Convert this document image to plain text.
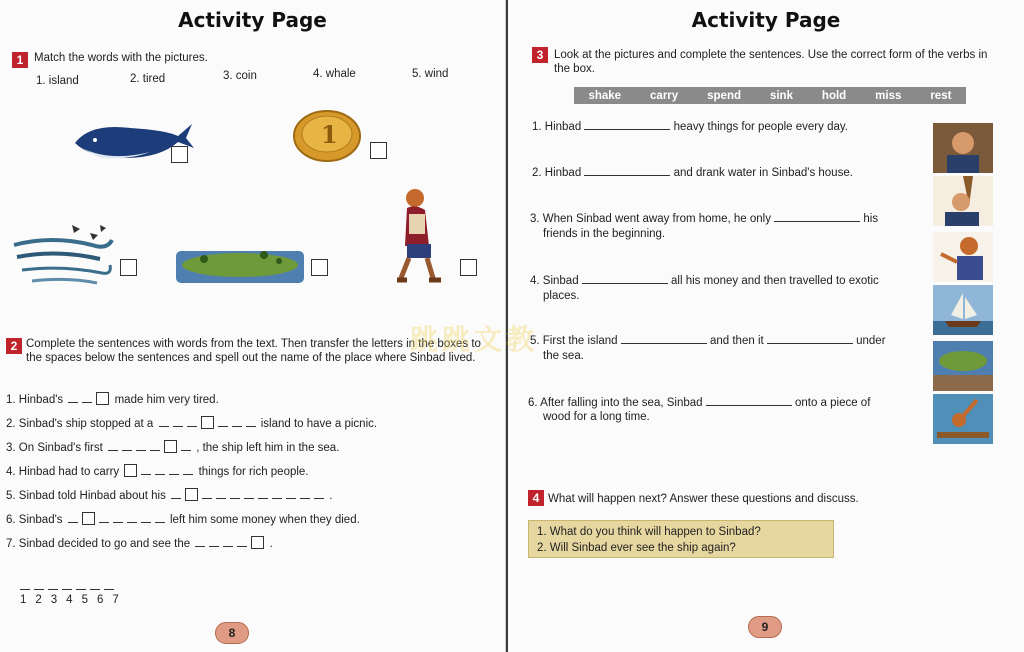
Activity Page
1 Match the words with the pictures.
1. island	2. tired	3. coin	4. whale	5. wind
1
2 Complete the sentences with words from the text. Then transfer the letters in the boxes to the spaces below the sentences and spell out the name of the place where Sinbad lived.
1. Hinbad's	made him very tired.
2. Sinbad's ship stopped at a	island to have a picnic.
3. On Sinbad's first	, the ship left him in the sea.
4. Hinbad had to carry	things for rich people.
5. Sinbad told Hinbad about his	.
6. Sinbad's	left him some money when they died.
7. Sinbad decided to go and see the	.
1234567
8
Activity Page
3 Look at the pictures and complete the sentences. Use the correct form of the verbs in the box.
shake	carry	spend	sink	hold	miss	rest
1. Hinbad	heavy things for people every day.
2. Hinbad	and drank water in Sinbad's house.
3. When Sinbad went away from home, he only	his
friends in the beginning.
4. Sinbad	all his money and then travelled to exotic
places.
5. First the island	and then it	under
the sea.
6. After falling into the sea, Sinbad	onto a piece of
wood for a long time.
4 What will happen next? Answer these questions and discuss.
1. What do you think will happen to Sinbad?
2. Will Sinbad ever see the ship again?
9
跳跳文教
